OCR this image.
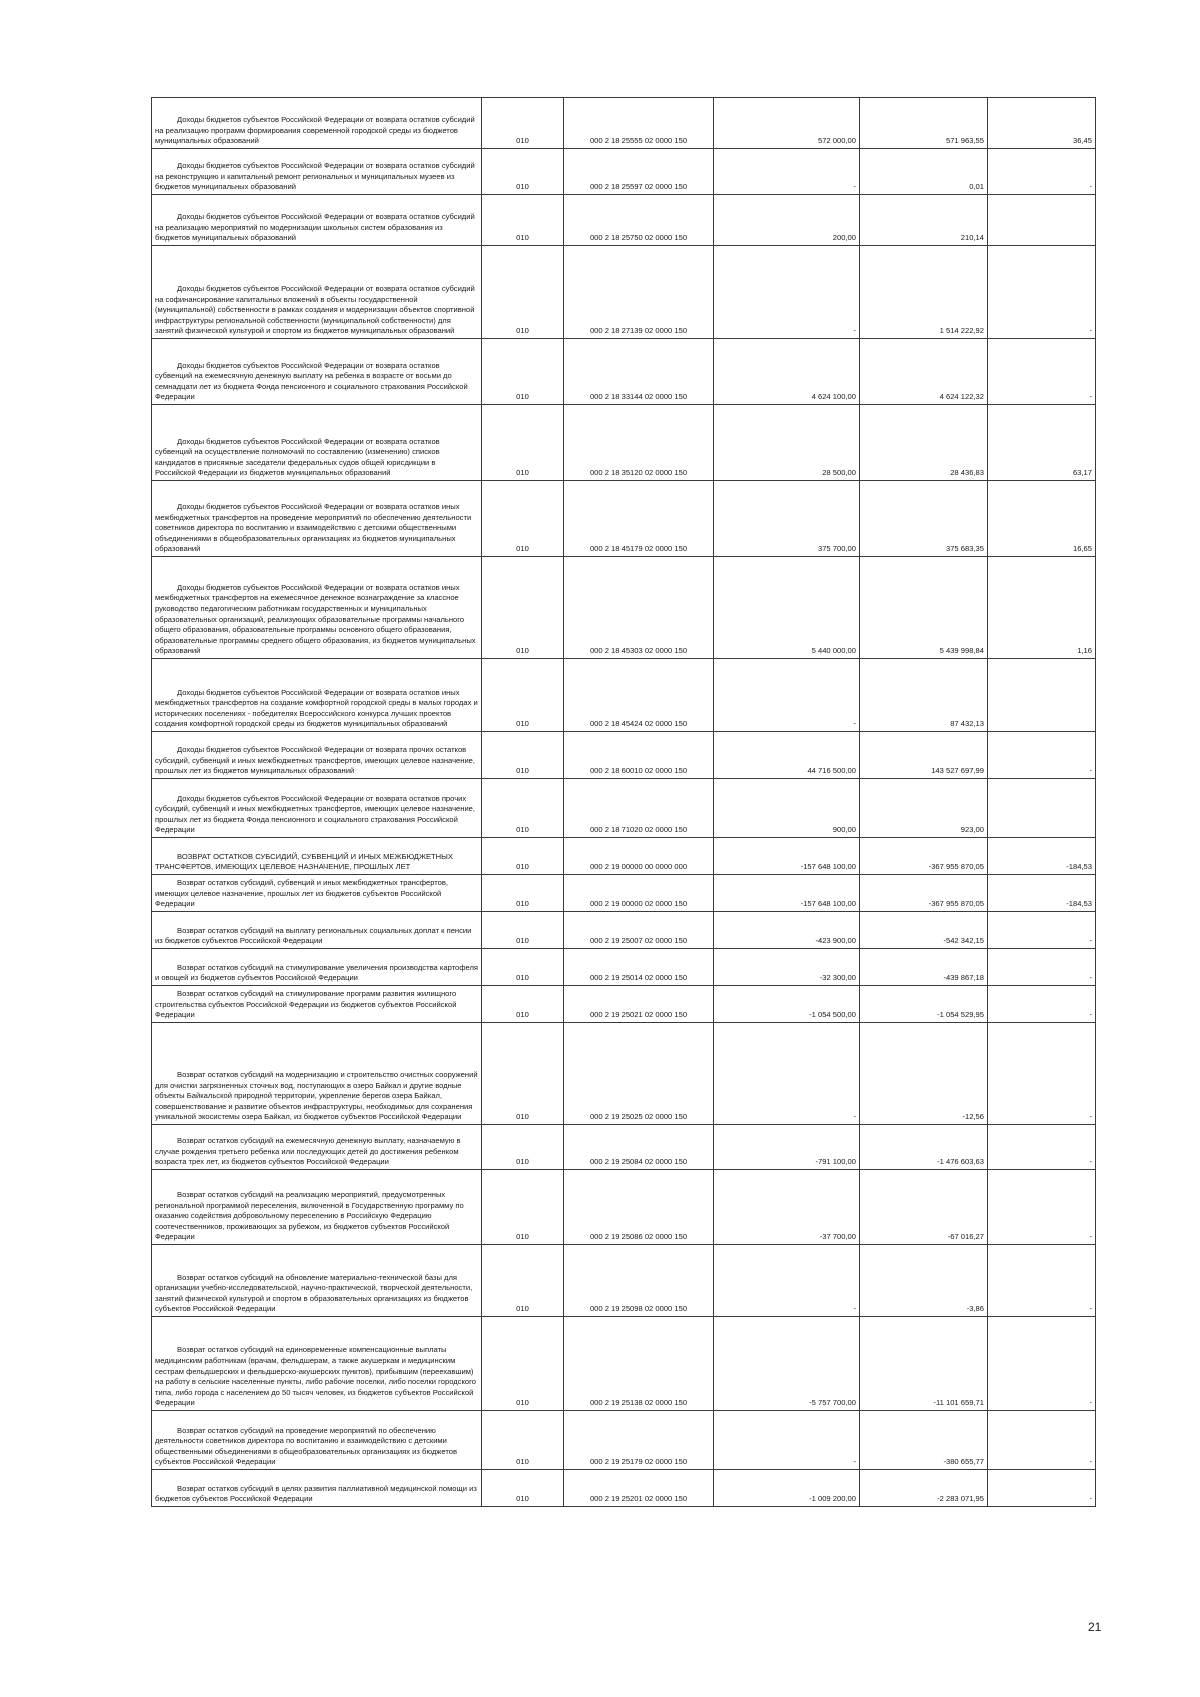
Доходы бюджетов субъектов Российской Федерации от возврата остатков субсидий на реализацию программ формирования современной городской среды из бюджетов муниципальных образований	010	000 2 18 25555 02 0000 150	572 000,00	571 963,55	36,45

Доходы бюджетов субъектов Российской Федерации от возврата остатков субсидий на реконструкцию и капитальный ремонт региональных и муниципальных музеев из бюджетов муниципальных образований	010	000 2 18 25597 02 0000 150	-	0,01	-

Доходы бюджетов субъектов Российской Федерации от возврата остатков субсидий на реализацию мероприятий по модернизации школьных систем образования из бюджетов муниципальных образований	010	000 2 18 25750 02 0000 150	200,00	210,14	

Доходы бюджетов субъектов Российской Федерации от возврата остатков субсидий на софинансирование капитальных вложений в объекты государственной (муниципальной) собственности в рамках создания и модернизации объектов спортивной инфраструктуры региональной собственности (муниципальной собственности) для занятий физической культурой и спортом из бюджетов муниципальных образований	010	000 2 18 27139 02 0000 150	-	1 514 222,92	-

Доходы бюджетов субъектов Российской Федерации от возврата остатков субвенций на ежемесячную денежную выплату на ребенка в возрасте от восьми до семнадцати лет из бюджета Фонда пенсионного и социального страхования Российской Федерации	010	000 2 18 33144 02 0000 150	4 624 100,00	4 624 122,32	-

Доходы бюджетов субъектов Российской Федерации от возврата остатков субвенций на осуществление полномочий по составлению (изменению) списков кандидатов в присяжные заседатели федеральных судов общей юрисдикции в Российской Федерации из бюджетов муниципальных образований	010	000 2 18 35120 02 0000 150	28 500,00	28 436,83	63,17

Доходы бюджетов субъектов Российской Федерации от возврата остатков иных межбюджетных трансфертов на проведение мероприятий по обеспечению деятельности советников директора по воспитанию и взаимодействию с детскими общественными объединениями в общеобразовательных организациях из бюджетов муниципальных образований	010	000 2 18 45179 02 0000 150	375 700,00	375 683,35	16,65

Доходы бюджетов субъектов Российской Федерации от возврата остатков иных межбюджетных трансфертов на ежемесячное денежное вознаграждение за классное руководство педагогическим работникам государственных и муниципальных образовательных организаций, реализующих образовательные программы начального общего образования, образовательные программы основного общего образования, образовательные программы среднего общего образования, из бюджетов муниципальных образований	010	000 2 18 45303 02 0000 150	5 440 000,00	5 439 998,84	1,16

Доходы бюджетов субъектов Российской Федерации от возврата остатков иных межбюджетных трансфертов на создание комфортной городской среды в малых городах и исторических поселениях - победителях Всероссийского конкурса лучших проектов создания комфортной городской среды из бюджетов муниципальных образований	010	000 2 18 45424 02 0000 150	-	87 432,13	

Доходы бюджетов субъектов Российской Федерации от возврата прочих остатков субсидий, субвенций и иных межбюджетных трансфертов, имеющих целевое назначение, прошлых лет из бюджетов муниципальных образований	010	000 2 18 60010 02 0000 150	44 716 500,00	143 527 697,99	-

Доходы бюджетов субъектов Российской Федерации от возврата остатков прочих субсидий, субвенций и иных межбюджетных трансфертов, имеющих целевое назначение, прошлых лет из бюджета Фонда пенсионного и социального страхования Российской Федерации	010	000 2 18 71020 02 0000 150	900,00	923,00	

ВОЗВРАТ ОСТАТКОВ СУБСИДИЙ, СУБВЕНЦИЙ И ИНЫХ МЕЖБЮДЖЕТНЫХ ТРАНСФЕРТОВ, ИМЕЮЩИХ ЦЕЛЕВОЕ НАЗНАЧЕНИЕ, ПРОШЛЫХ ЛЕТ	010	000 2 19 00000 00 0000 000	-157 648 100,00	-367 955 870,05	-184,53

Возврат остатков субсидий, субвенций и иных межбюджетных трансфертов, имеющих целевое назначение, прошлых лет из бюджетов субъектов Российской Федерации	010	000 2 19 00000 02 0000 150	-157 648 100,00	-367 955 870,05	-184,53

Возврат остатков субсидий на выплату региональных социальных доплат к пенсии из бюджетов субъектов Российской Федерации	010	000 2 19 25007 02 0000 150	-423 900,00	-542 342,15	-

Возврат остатков субсидий на стимулирование увеличения производства картофеля и овощей из бюджетов субъектов Российской Федерации	010	000 2 19 25014 02 0000 150	-32 300,00	-439 867,18	-

Возврат остатков субсидий на стимулирование программ развития жилищного строительства субъектов Российской Федерации из бюджетов субъектов Российской Федерации	010	000 2 19 25021 02 0000 150	-1 054 500,00	-1 054 529,95	-

Возврат остатков субсидий на модернизацию и строительство очистных сооружений для очистки загрязненных сточных вод, поступающих в озеро Байкал и другие водные объекты Байкальской природной территории, укрепление берегов озера Байкал, совершенствование и развитие объектов инфраструктуры, необходимых для сохранения уникальной экосистемы озера Байкал, из бюджетов субъектов Российской Федерации	010	000 2 19 25025 02 0000 150	-	-12,56	-

Возврат остатков субсидий на ежемесячную денежную выплату, назначаемую в случае рождения третьего ребенка или последующих детей до достижения ребенком возраста трех лет, из бюджетов субъектов Российской Федерации	010	000 2 19 25084 02 0000 150	-791 100,00	-1 476 603,63	-

Возврат остатков субсидий на реализацию мероприятий, предусмотренных региональной программой переселения, включенной в Государственную программу по оказанию содействия добровольному переселению в Российскую Федерацию соотечественников, проживающих за рубежом, из бюджетов субъектов Российской Федерации	010	000 2 19 25086 02 0000 150	-37 700,00	-67 016,27	-

Возврат остатков субсидий на обновление материально-технической базы для организации учебно-исследовательской, научно-практической, творческой деятельности, занятий физической культурой и спортом в образовательных организациях из бюджетов субъектов Российской Федерации	010	000 2 19 25098 02 0000 150	-	-3,86	-

Возврат остатков субсидий на единовременные компенсационные выплаты медицинским работникам (врачам, фельдшерам, а также акушеркам и медицинским сестрам фельдшерских и фельдшерско-акушерских пунктов), прибывшим (переехавшим) на работу в сельские населенные пункты, либо рабочие поселки, либо поселки городского типа, либо города с населением до 50 тысяч человек, из бюджетов субъектов Российской Федерации	010	000 2 19 25138 02 0000 150	-5 757 700,00	-11 101 659,71	-

Возврат остатков субсидий на проведение мероприятий по обеспечению деятельности советников директора по воспитанию и взаимодействию с детскими общественными объединениями в общеобразовательных организациях из бюджетов субъектов Российской Федерации	010	000 2 19 25179 02 0000 150	-	-380 655,77	-

Возврат остатков субсидий в целях развития паллиативной медицинской помощи из бюджетов субъектов Российской Федерации	010	000 2 19 25201 02 0000 150	-1 009 200,00	-2 283 071,95	-
21
